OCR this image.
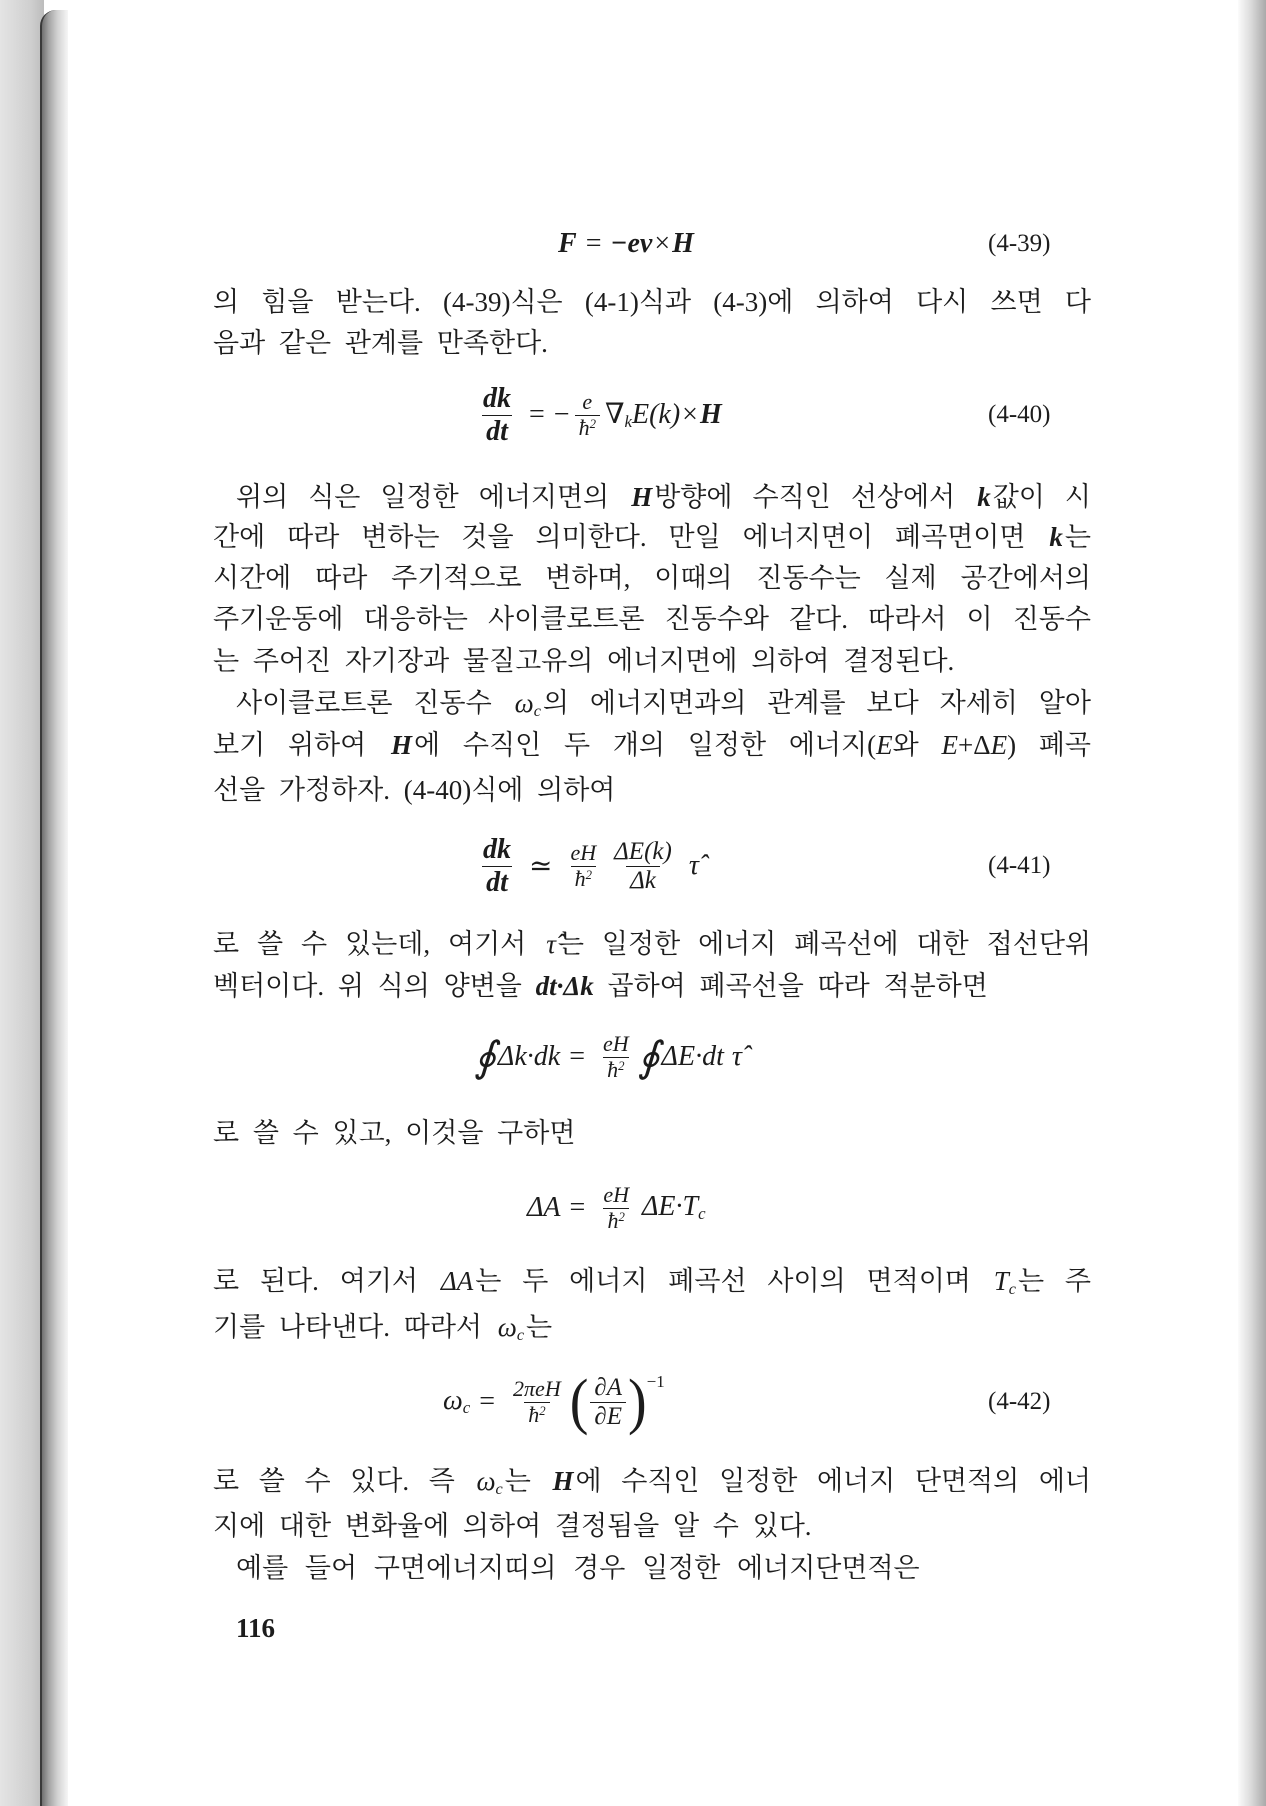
F = −ev × H	(4-39)
의 힘을 받는다. (4-39)식은 (4-1)식과 (4-3)에 의하여 다시 쓰면 다
음과 같은 관계를 만족한다.
$\frac{dk}{dt}$ = − $\frac{e}{ħ^2} \nabla_k$ E(k) × H	(4-40)
위의 식은 일정한 에너지면의 H방향에 수직인 선상에서 k값이 시
간에 따라 변하는 것을 의미한다. 만일 에너지면이 폐곡면이면 k는
시간에 따라 주기적으로 변하며, 이때의 진동수는 실제 공간에서의
주기운동에 대응하는 사이클로트론 진동수와 같다. 따라서 이 진동수
는 주어진 자기장과 물질고유의 에너지면에 의하여 결정된다.
사이클로트론 진동수 $\omega_c$의 에너지면과의 관계를 보다 자세히 알아
보기 위하여 H에 수직인 두 개의 일정한 에너지(E와 E+ΔE) 폐곡
선을 가정하자. (4-40)식에 의하여
$\frac{dk}{dt}$ ≃ $\frac{eH}{ħ^2} \frac{\Delta E(k)}{\Delta k}$ τ̂	(4-41)
로 쓸 수 있는데, 여기서 τ̂는 일정한 에너지 폐곡선에 대한 접선단위
벡터이다. 위 식의 양변을 dt·Δk 곱하여 폐곡선을 따라 적분하면
∮ $\Delta k\cdot dk = \frac{eH}{ħ^2}$ ∮ ΔE·dt τ̂
로 쓸 수 있고, 이것을 구하면
$\Delta A = \frac{eH}{ħ^2} \Delta E\cdot T_c$
로 된다. 여기서 ΔA는 두 에너지 폐곡선 사이의 면적이며 $T_c$는 주
기를 나타낸다. 따라서 $\omega_c$는
$\omega_c = \frac{\text{2πeH}}{ħ^2}$ ( $\frac{\partial A}{\partial E}$ ) −1
(4-42)
로 쓸 수 있다. 즉 $\omega_c$는 H에 수직인 일정한 에너지 단면적의 에너
지에 대한 변화율에 의하여 결정됨을 알 수 있다.
예를 들어 구면에너지띠의 경우 일정한 에너지단면적은
116
